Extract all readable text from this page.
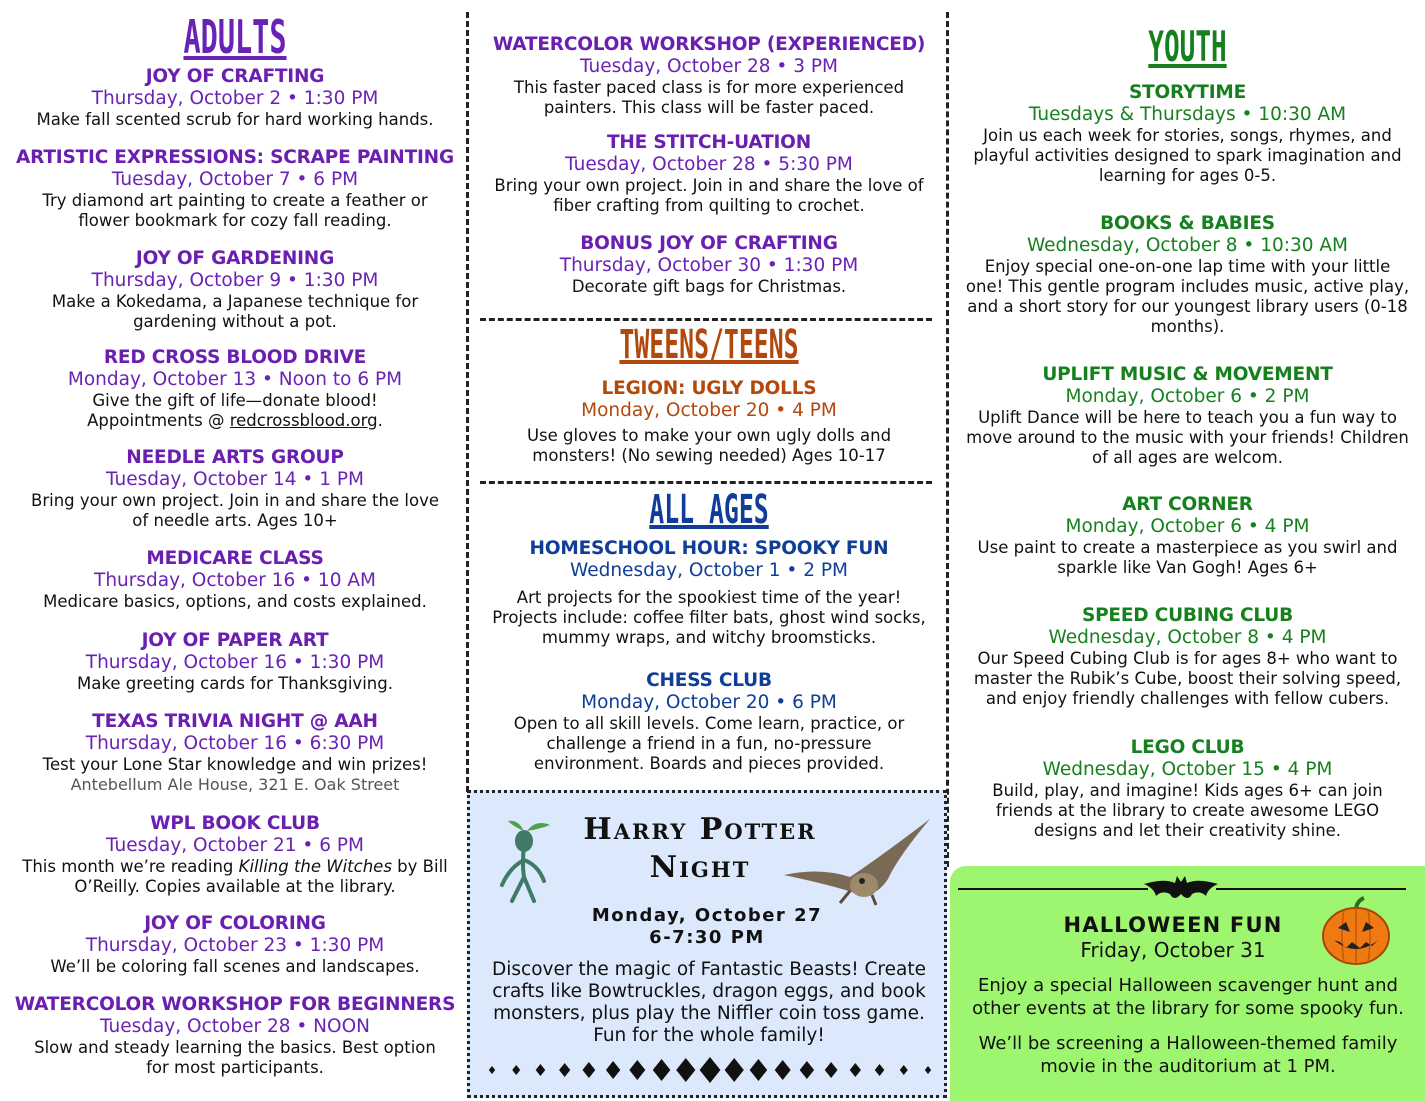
ADULTS
JOY OF CRAFTING
Thursday, October 2 • 1:30 PM
Make fall scented scrub for hard working hands.
ARTISTIC EXPRESSIONS: SCRAPE PAINTING
Tuesday, October 7 • 6 PM
Try diamond art painting to create a feather or flower bookmark for cozy fall reading.
JOY OF GARDENING
Thursday, October 9 • 1:30 PM
Make a Kokedama, a Japanese technique for gardening without a pot.
RED CROSS BLOOD DRIVE
Monday, October 13 • Noon to 6 PM
Give the gift of life—donate blood!
Appointments @ redcrossblood.org.
NEEDLE ARTS GROUP
Tuesday, October 14 • 1 PM
Bring your own project. Join in and share the love of needle arts. Ages 10+
MEDICARE CLASS
Thursday, October 16 • 10 AM
Medicare basics, options, and costs explained.
JOY OF PAPER ART
Thursday, October 16 • 1:30 PM
Make greeting cards for Thanksgiving.
TEXAS TRIVIA NIGHT @ AAH
Thursday, October 16 • 6:30 PM
Test your Lone Star knowledge and win prizes!
Antebellum Ale House, 321 E. Oak Street
WPL BOOK CLUB
Tuesday, October 21 • 6 PM
This month we’re reading Killing the Witches by Bill O’Reilly. Copies available at the library.
JOY OF COLORING
Thursday, October 23 • 1:30 PM
We’ll be coloring fall scenes and landscapes.
WATERCOLOR WORKSHOP FOR BEGINNERS
Tuesday, October 28 • NOON
Slow and steady learning the basics. Best option for most participants.
WATERCOLOR WORKSHOP (EXPERIENCED)
Tuesday, October 28 • 3 PM
This faster paced class is for more experienced painters. This class will be faster paced.
THE STITCH-UATION
Tuesday, October 28 • 5:30 PM
Bring your own project. Join in and share the love of fiber crafting from quilting to crochet.
BONUS JOY OF CRAFTING
Thursday, October 30 • 1:30 PM
Decorate gift bags for Christmas.
TWEENS/TEENS
LEGION: UGLY DOLLS
Monday, October 20 • 4 PM
Use gloves to make your own ugly dolls and monsters! (No sewing needed) Ages 10-17
ALL AGES
HOMESCHOOL HOUR: SPOOKY FUN
Wednesday, October 1 • 2 PM
Art projects for the spookiest time of the year! Projects include: coffee filter bats, ghost wind socks, mummy wraps, and witchy broomsticks.
CHESS CLUB
Monday, October 20 • 6 PM
Open to all skill levels. Come learn, practice, or challenge a friend in a fun, no-pressure environment. Boards and pieces provided.
Harry Potter
Night
Monday, October 27
6-7:30 PM
Discover the magic of Fantastic Beasts! Create crafts like Bowtruckles, dragon eggs, and book monsters, plus play the Niffler coin toss game. Fun for the whole family!
YOUTH
STORYTIME
Tuesdays & Thursdays • 10:30 AM
Join us each week for stories, songs, rhymes, and playful activities designed to spark imagination and learning for ages 0-5.
BOOKS & BABIES
Wednesday, October 8 • 10:30 AM
Enjoy special one-on-one lap time with your little one! This gentle program includes music, active play, and a short story for our youngest library users (0-18 months).
UPLIFT MUSIC & MOVEMENT
Monday, October 6 • 2 PM
Uplift Dance will be here to teach you a fun way to move around to the music with your friends! Children of all ages are welcom.
ART CORNER
Monday, October 6 • 4 PM
Use paint to create a masterpiece as you swirl and sparkle like Van Gogh! Ages 6+
SPEED CUBING CLUB
Wednesday, October 8 • 4 PM
Our Speed Cubing Club is for ages 8+ who want to master the Rubik’s Cube, boost their solving speed, and enjoy friendly challenges with fellow cubers.
LEGO CLUB
Wednesday, October 15 • 4 PM
Build, play, and imagine! Kids ages 6+ can join friends at the library to create awesome LEGO designs and let their creativity shine.
HALLOWEEN FUN
Friday, October 31
Enjoy a special Halloween scavenger hunt and other events at the library for some spooky fun.
We’ll be screening a Halloween-themed family movie in the auditorium at 1 PM.
